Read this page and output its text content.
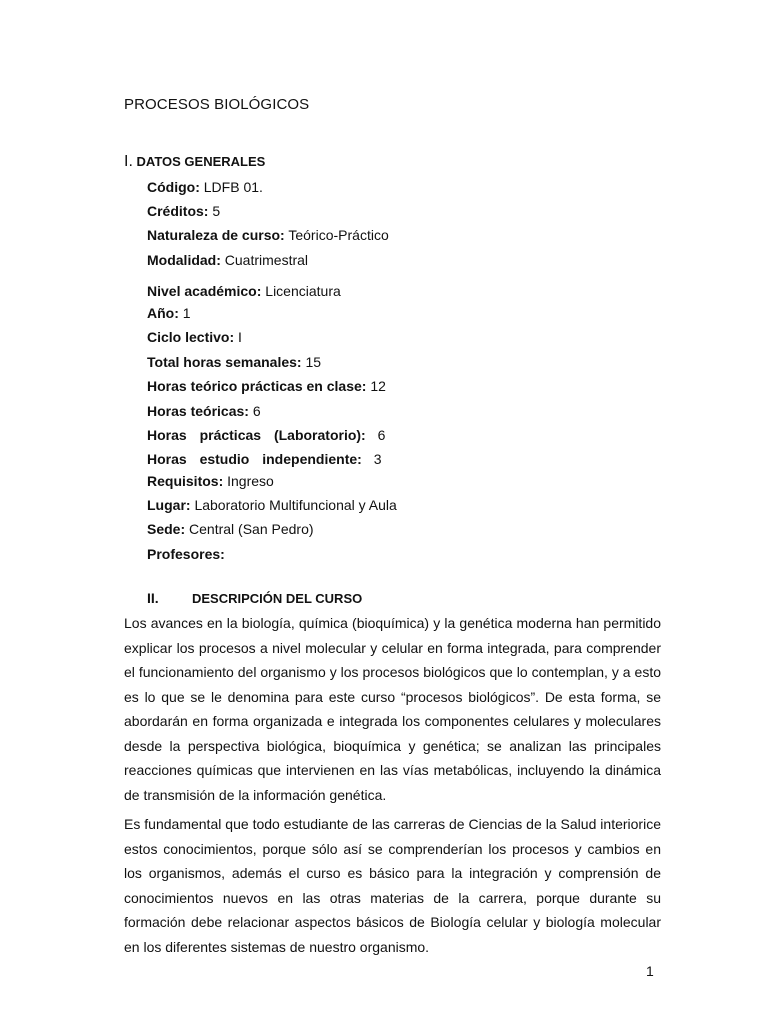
PROCESOS BIOLÓGICOS
I. DATOS GENERALES
Código: LDFB 01.
Créditos: 5
Naturaleza de curso: Teórico-Práctico
Modalidad: Cuatrimestral
Nivel académico: Licenciatura
Año: 1
Ciclo lectivo: I
Total horas semanales: 15
Horas teórico prácticas en clase: 12
Horas teóricas: 6
Horas prácticas (Laboratorio): 6
Horas estudio independiente: 3
Requisitos: Ingreso
Lugar: Laboratorio Multifuncional y Aula
Sede: Central (San Pedro)
Profesores:
II.	DESCRIPCIÓN DEL CURSO

Los avances en la biología, química (bioquímica) y la genética moderna han permitido explicar los procesos a nivel molecular y celular en forma integrada, para comprender el funcionamiento del organismo y los procesos biológicos que lo contemplan, y a esto es lo que se le denomina para este curso “procesos biológicos”. De esta forma, se abordarán en forma organizada e integrada los componentes celulares y moleculares desde la perspectiva biológica, bioquímica y genética; se analizan las principales reacciones químicas que intervienen en las vías metabólicas, incluyendo la dinámica de transmisión de la información genética.

Es fundamental que todo estudiante de las carreras de Ciencias de la Salud interiorice estos conocimientos, porque sólo así se comprenderían los procesos y cambios en los organismos, además el curso es básico para la integración y comprensión de conocimientos nuevos en las otras materias de la carrera, porque durante su formación debe relacionar aspectos básicos de Biología celular y biología molecular en los diferentes sistemas de nuestro organismo.

1
